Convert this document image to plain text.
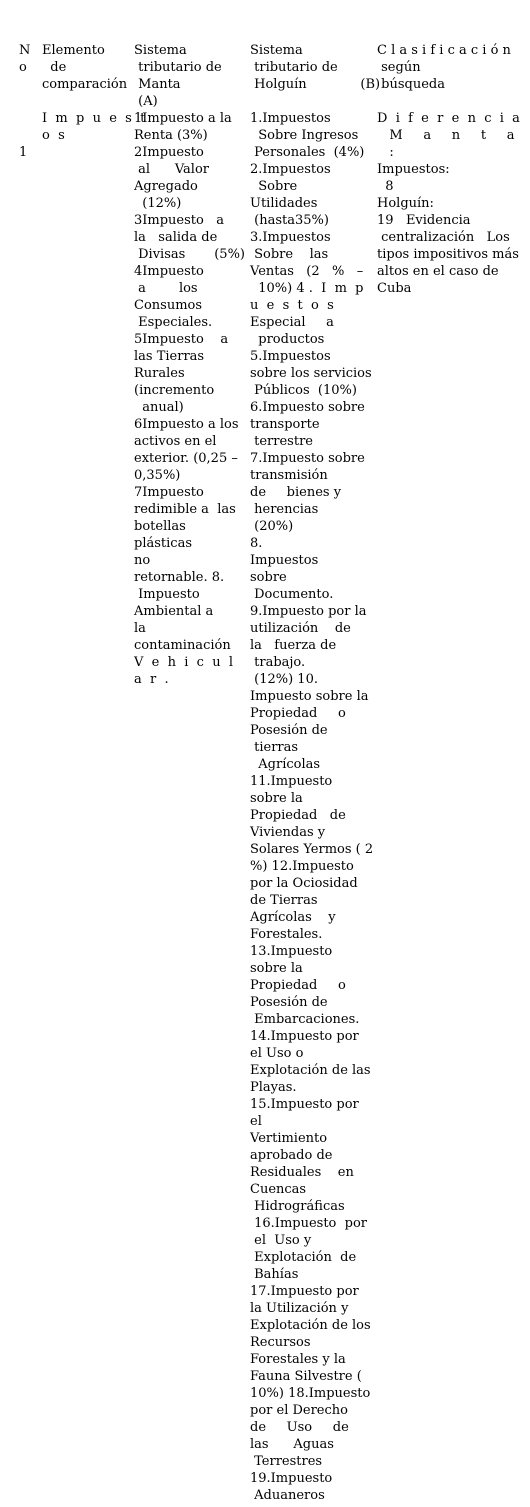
N
o
Elemento
de
comparación
Sistema
tributario de
Manta
(A)
Sistema
tributario de
Holguín             (B)
C l a s i f i c a c i ó n
según
búsqueda

1

I  m  p  u  e  s  t
o  s
1Impuesto a la
Renta (3%)
2Impuesto
al      Valor
Agregado
(12%)
3Impuesto   a
la   salida de
Divisas       (5%)
4Impuesto
a        los
Consumos
Especiales.
5Impuesto    a
las Tierras
Rurales
(incremento
anual)
6Impuesto a los
activos en el
exterior. (0,25 –
0,35%)
7Impuesto
redimible a  las
botellas
plásticas
no
retornable. 8.
Impuesto
Ambiental a
la
contaminación
V  e  h  i  c  u  l
a  r  .
1.Impuestos
Sobre Ingresos
Personales  (4%)
2.Impuestos
Sobre
Utilidades
(hasta35%)
3.Impuestos
Sobre    las
Ventas   (2   %   –
10%) 4 .  I  m  p
u  e  s  t  o  s
Especial     a
productos
5.Impuestos
sobre los servicios
Públicos  (10%)
6.Impuesto sobre
transporte
terrestre
7.Impuesto sobre
transmisión
de     bienes y
herencias
(20%)
8.
Impuestos
sobre
Documento.
9.Impuesto por la
utilización    de
la   fuerza de
trabajo.
(12%) 10.
Impuesto sobre la
Propiedad     o
Posesión de
tierras
Agrícolas
11.Impuesto
sobre la
Propiedad   de
Viviendas y
Solares Yermos ( 2
%) 12.Impuesto
por la Ociosidad
de Tierras
Agrícolas    y
Forestales.
13.Impuesto
sobre la
Propiedad     o
Posesión de
Embarcaciones.
14.Impuesto por
el Uso o
Explotación de las
Playas.
15.Impuesto por
el
Vertimiento
aprobado de
Residuales    en
Cuencas
Hidrográficas
16.Impuesto  por
el  Uso y
Explotación  de
Bahías
17.Impuesto por
la Utilización y
Explotación de los
Recursos
Forestales y la
Fauna Silvestre (
10%) 18.Impuesto
por el Derecho
de     Uso     de
las      Aguas
Terrestres
19.Impuesto
Aduaneros
D  i  f  e  r  e  n  c  i  a
M     a     n     t     a
:
Impuestos:
8
Holguín:
19   Evidencia
centralización   Los
tipos impositivos más
altos en el caso de
Cuba
